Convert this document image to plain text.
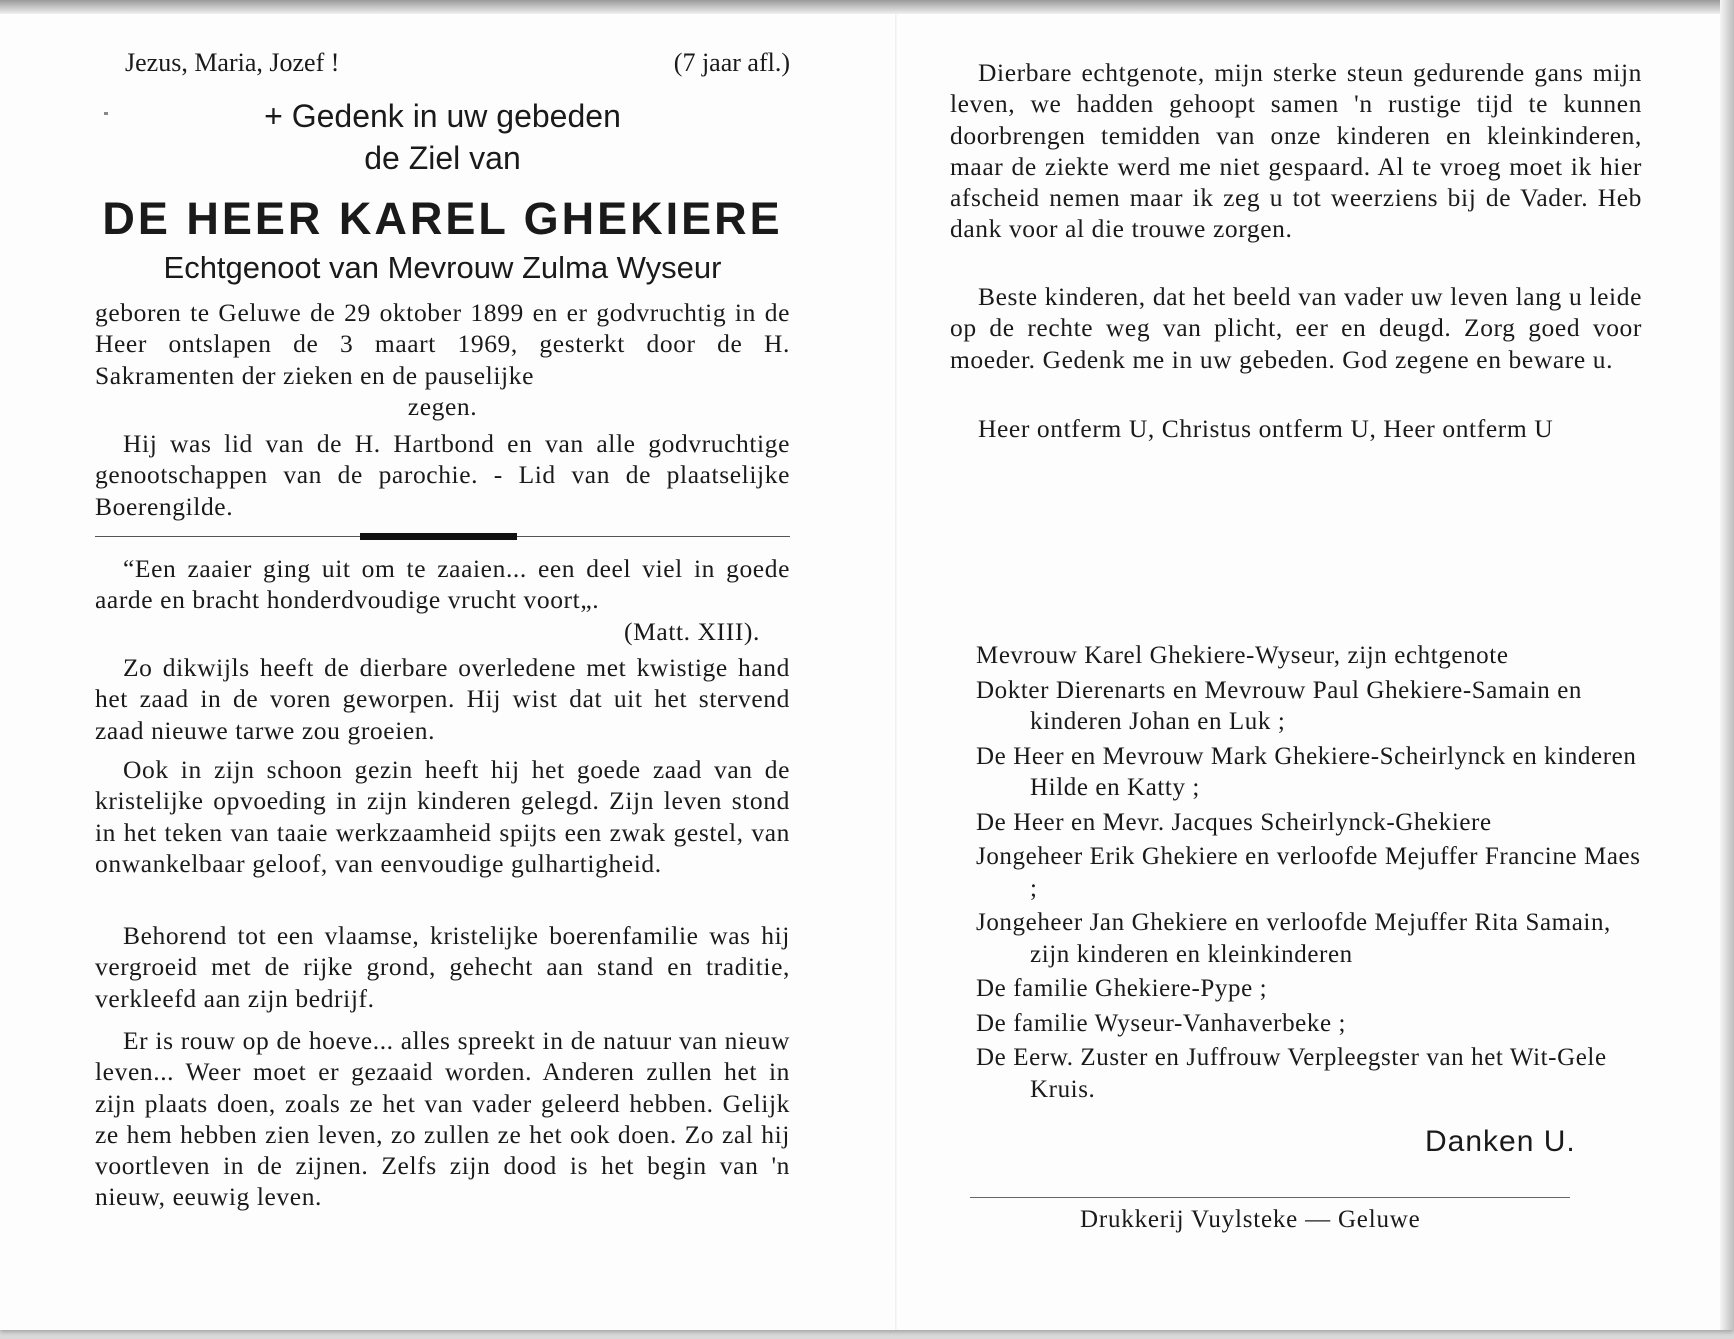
Jezus, Maria, Jozef !	(7 jaar afl.)
+ Gedenk in uw gebeden
de Ziel van
DE HEER KAREL GHEKIERE
Echtgenoot van Mevrouw Zulma Wyseur

geboren te Geluwe de 29 oktober 1899 en er godvruchtig in de Heer ontslapen de 3 maart 1969, gesterkt door de H. Sakramenten der zieken en de pauselijke

zegen.

Hij was lid van de H. Hartbond en van alle godvruchtige genootschappen van de parochie. - Lid van de plaatselijke Boerengilde.

“Een zaaier ging uit om te zaaien... een deel viel in goede aarde en bracht honderdvoudige vrucht voort„.

(Matt. XIII).

Zo dikwijls heeft de dierbare overledene met kwistige hand het zaad in de voren geworpen. Hij wist dat uit het stervend zaad nieuwe tarwe zou groeien.

Ook in zijn schoon gezin heeft hij het goede zaad van de kristelijke opvoeding in zijn kinderen gelegd. Zijn leven stond in het teken van taaie werkzaamheid spijts een zwak gestel, van onwankelbaar geloof, van eenvoudige gulhartigheid.

Behorend tot een vlaamse, kristelijke boerenfamilie was hij vergroeid met de rijke grond, gehecht aan stand en traditie, verkleefd aan zijn bedrijf.

Er is rouw op de hoeve... alles spreekt in de natuur van nieuw leven... Weer moet er gezaaid worden. Anderen zullen het in zijn plaats doen, zoals ze het van vader geleerd hebben. Gelijk ze hem hebben zien leven, zo zullen ze het ook doen. Zo zal hij voortleven in de zijnen. Zelfs zijn dood is het begin van 'n nieuw, eeuwig leven.

Dierbare echtgenote, mijn sterke steun gedurende gans mijn leven, we hadden gehoopt samen 'n rustige tijd te kunnen doorbrengen temidden van onze kinderen en kleinkinderen, maar de ziekte werd me niet gespaard. Al te vroeg moet ik hier afscheid nemen maar ik zeg u tot weerziens bij de Vader. Heb dank voor al die trouwe zorgen.

Beste kinderen, dat het beeld van vader uw leven lang u leide op de rechte weg van plicht, eer en deugd. Zorg goed voor moeder. Gedenk me in uw gebeden. God zegene en beware u.

Heer ontferm U, Christus ontferm U, Heer ontferm U

Mevrouw Karel Ghekiere-Wyseur, zijn echtgenote
Dokter Dierenarts en Mevrouw Paul Ghekiere-Samain en kinderen Johan en Luk ;
De Heer en Mevrouw Mark Ghekiere-Scheirlynck en kinderen Hilde en Katty ;
De Heer en Mevr. Jacques Scheirlynck-Ghekiere
Jongeheer Erik Ghekiere en verloofde Mejuffer Francine Maes ;
Jongeheer Jan Ghekiere en verloofde Mejuffer Rita Samain, zijn kinderen en kleinkinderen
De familie Ghekiere-Pype ;
De familie Wyseur-Vanhaverbeke ;
De Eerw. Zuster en Juffrouw Verpleegster van het Wit-Gele Kruis.
Danken U.
Drukkerij Vuylsteke — Geluwe
